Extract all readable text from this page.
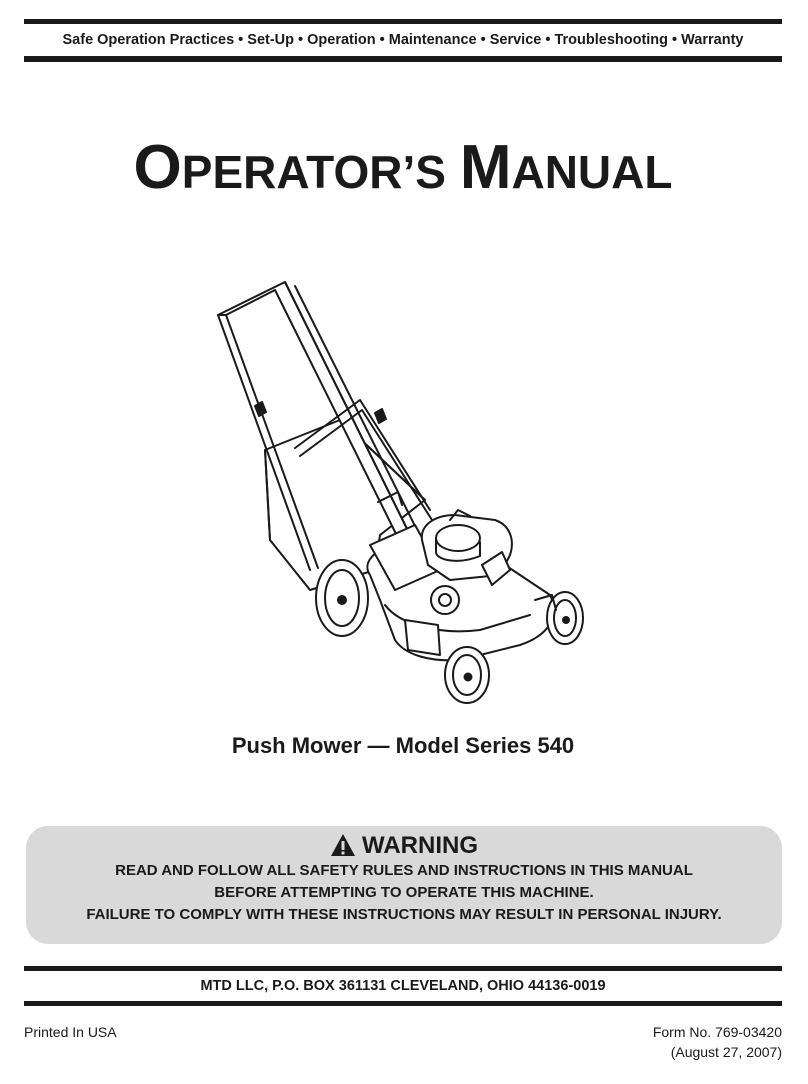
Safe Operation Practices • Set-Up • Operation • Maintenance • Service • Troubleshooting • Warranty
OPERATOR’S MANUAL
Push Mower — Model Series 540
WARNING
READ AND FOLLOW ALL SAFETY RULES AND INSTRUCTIONS IN THIS MANUAL
BEFORE ATTEMPTING TO OPERATE THIS MACHINE.
FAILURE TO COMPLY WITH THESE INSTRUCTIONS MAY RESULT IN PERSONAL INJURY.
MTD LLC, P.O. BOX 361131 CLEVELAND, OHIO 44136-0019
Printed In USA	Form No. 769-03420
(August 27, 2007)
